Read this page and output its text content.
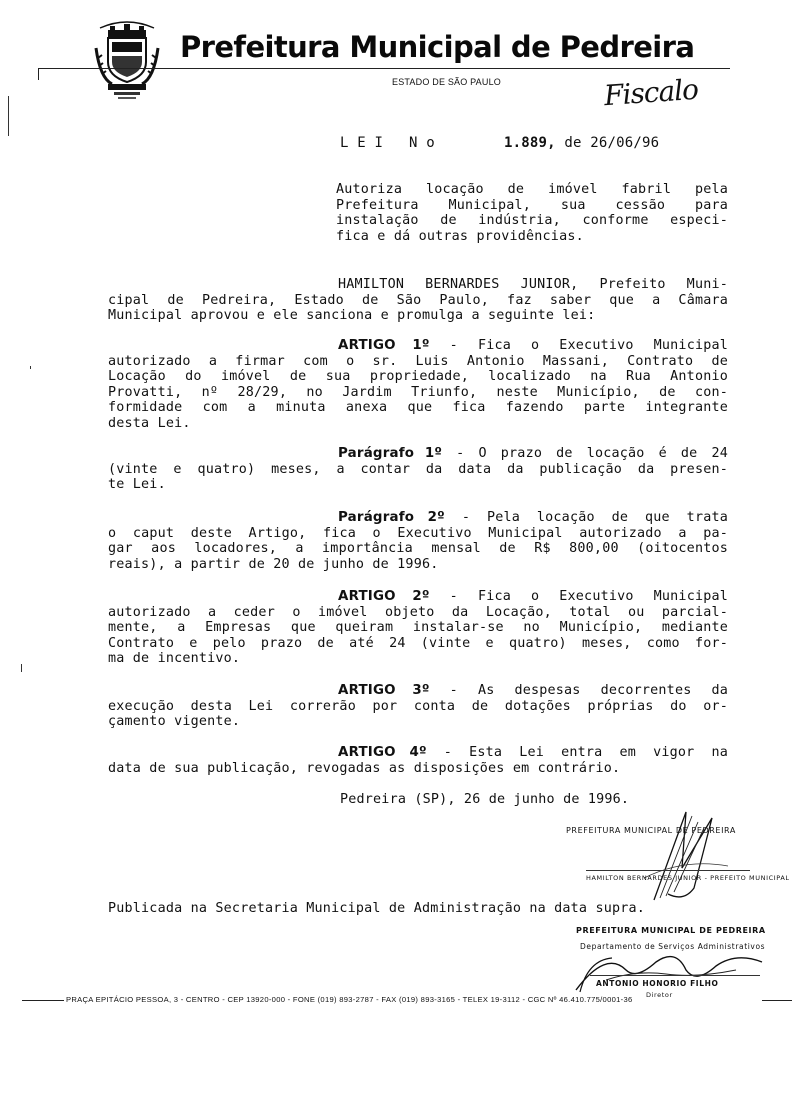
Prefeitura Municipal de Pedreira
ESTADO DE SÃO PAULO	Fiscalo
L E I   N o	1.889, de 26/06/96
Autoriza locação de imóvel fabril pela
Prefeitura Municipal, sua cessão para
instalação de indústria, conforme especi-
fica e dá outras providências.
HAMILTON BERNARDES JUNIOR, Prefeito Muni-
cipal de Pedreira, Estado de São Paulo, faz saber que a Câmara
Municipal aprovou e ele sanciona e promulga a seguinte lei:
ARTIGO 1º - Fica o Executivo Municipal
autorizado a firmar com o sr. Luis Antonio Massani, Contrato de
Locação do imóvel de sua propriedade, localizado na Rua Antonio
Provatti, nº 28/29, no Jardim Triunfo, neste Município, de con-
formidade com a minuta anexa que fica fazendo parte integrante
desta Lei.
Parágrafo 1º - O prazo de locação é de 24
(vinte e quatro) meses, a contar da data da publicação da presen-
te Lei.
Parágrafo 2º - Pela locação de que trata
o caput deste Artigo, fica o Executivo Municipal autorizado a pa-
gar aos locadores, a importância mensal de R$ 800,00 (oitocentos
reais), a partir de 20 de junho de 1996.
ARTIGO 2º - Fica o Executivo Municipal
autorizado a ceder o imóvel objeto da Locação, total ou parcial-
mente, a Empresas que queiram instalar-se no Município, mediante
Contrato e pelo prazo de até 24 (vinte e quatro) meses, como for-
ma de incentivo.
ARTIGO 3º - As despesas decorrentes da
execução desta Lei correrão por conta de dotações próprias do or-
çamento vigente.
ARTIGO 4º - Esta Lei entra em vigor na
data de sua publicação, revogadas as disposições em contrário.
Pedreira (SP), 26 de junho de 1996.
PREFEITURA MUNICIPAL DE PEDREIRA
HAMILTON BERNARDES JUNIOR - PREFEITO MUNICIPAL
Publicada na Secretaria Municipal de Administração na data supra.
PREFEITURA MUNICIPAL DE PEDREIRA
Departamento de Serviços Administrativos
ANTONIO HONORIO FILHO
Diretor
PRAÇA EPITÁCIO PESSOA, 3 - CENTRO - CEP 13920-000 - FONE (019) 893-2787 - FAX (019) 893-3165 - TELEX 19-3112 - CGC Nº 46.410.775/0001-36
